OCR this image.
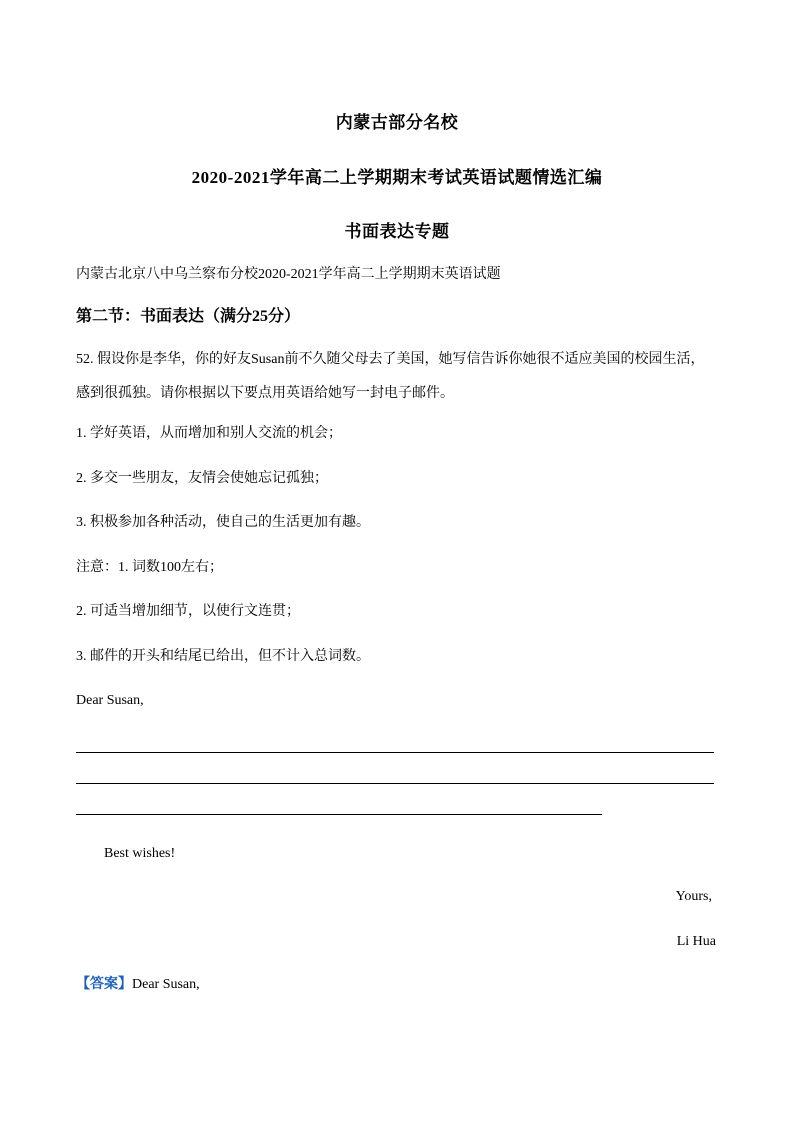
内蒙古部分名校
2020-2021学年高二上学期期末考试英语试题情选汇编
书面表达专题
内蒙古北京八中乌兰察布分校2020-2021学年高二上学期期末英语试题
第二节：书面表达（满分25分）
52. 假设你是李华，你的好友Susan前不久随父母去了美国，她写信告诉你她很不适应美国的校园生活，感到很孤独。请你根据以下要点用英语给她写一封电子邮件。
1. 学好英语，从而增加和别人交流的机会；
2. 多交一些朋友，友情会使她忘记孤独；
3. 积极参加各种活动，使自己的生活更加有趣。
注意：1. 词数100左右；
2. 可适当增加细节，以使行文连贯；
3. 邮件的开头和结尾已给出，但不计入总词数。
Dear Susan,
Best wishes!
Yours,
Li Hua
【答案】Dear Susan,
